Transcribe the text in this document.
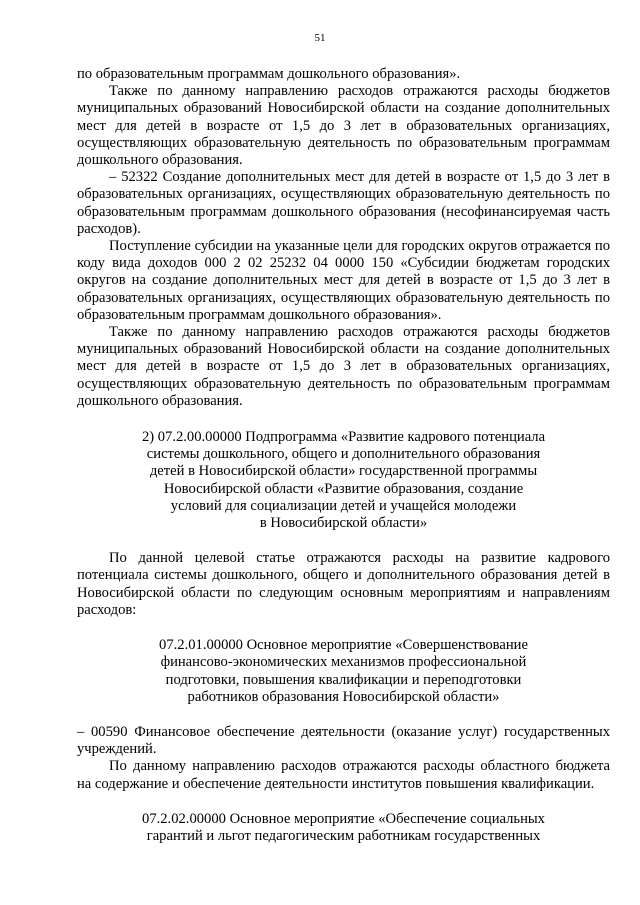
51

по образовательным программам дошкольного образования».

Также по данному направлению расходов отражаются расходы бюджетов муниципальных образований Новосибирской области на создание дополнительных мест для детей в возрасте от 1,5 до 3 лет в образовательных организациях, осуществляющих образовательную деятельность по образовательным программам дошкольного образования.

– 52322 Создание дополнительных мест для детей в возрасте от 1,5 до 3 лет в образовательных организациях, осуществляющих образовательную деятельность по образовательным программам дошкольного образования (несофинансируемая часть расходов).

Поступление субсидии на указанные цели для городских округов отражается по коду вида доходов 000 2 02 25232 04 0000 150 «Субсидии бюджетам городских округов на создание дополнительных мест для детей в возрасте от 1,5 до 3 лет в образовательных организациях, осуществляющих образовательную деятельность по образовательным программам дошкольного образования».

Также по данному направлению расходов отражаются расходы бюджетов муниципальных образований Новосибирской области на создание дополнительных мест для детей в возрасте от 1,5 до 3 лет в образовательных организациях, осуществляющих образовательную деятельность по образовательным программам дошкольного образования.

2) 07.2.00.00000 Подпрограмма «Развитие кадрового потенциала
системы дошкольного, общего и дополнительного образования
детей в Новосибирской области» государственной программы
Новосибирской области «Развитие образования, создание
условий для социализации детей и учащейся молодежи
в Новосибирской области»

По данной целевой статье отражаются расходы на развитие кадрового потенциала системы дошкольного, общего и дополнительного образования детей в Новосибирской области по следующим основным мероприятиям и направлениям расходов:

07.2.01.00000 Основное мероприятие «Совершенствование
финансово-экономических механизмов профессиональной
подготовки, повышения квалификации и переподготовки
работников образования Новосибирской области»

– 00590 Финансовое обеспечение деятельности (оказание услуг) государственных учреждений.

По данному направлению расходов отражаются расходы областного бюджета на содержание и обеспечение деятельности институтов повышения квалификации.

07.2.02.00000 Основное мероприятие «Обеспечение социальных
гарантий и льгот педагогическим работникам государственных
